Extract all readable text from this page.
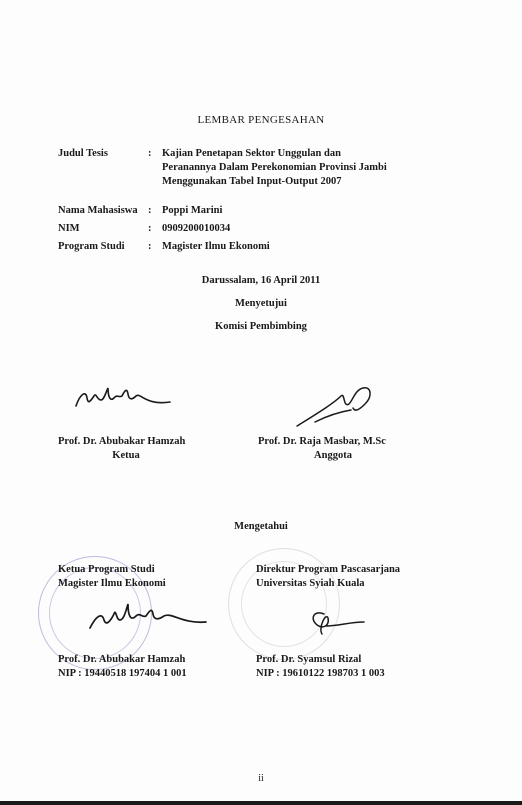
LEMBAR PENGESAHAN
Judul Tesis	: Kajian Penetapan Sektor Unggulan dan
Peranannya Dalam Perekonomian Provinsi Jambi
Menggunakan Tabel Input-Output 2007
Nama Mahasiswa : Poppi Marini
NIM	: 0909200010034
Program Studi : Magister Ilmu Ekonomi
Darussalam, 16 April 2011
Menyetujui
Komisi Pembimbing
Prof. Dr. Abubakar Hamzah
Ketua
Prof. Dr. Raja Masbar, M.Sc
Anggota
Mengetahui
Ketua Program Studi
Magister Ilmu Ekonomi
Direktur Program Pascasarjana
Universitas Syiah Kuala
Prof. Dr. Abubakar Hamzah
NIP : 19440518 197404 1 001
Prof. Dr. Syamsul Rizal
NIP : 19610122 198703 1 003
ii
